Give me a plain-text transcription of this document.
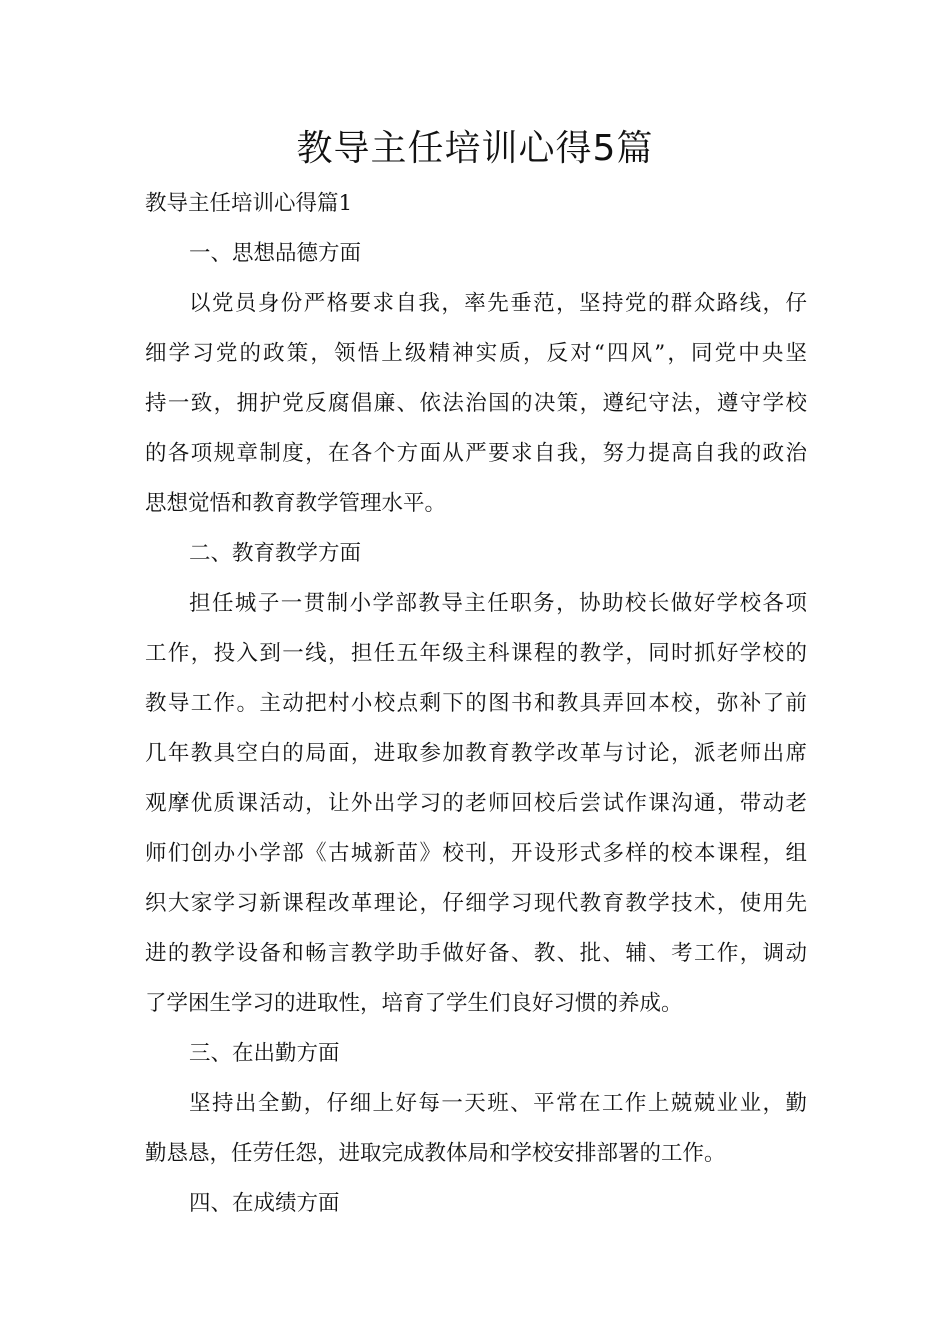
教导主任培训心得5篇
教导主任培训心得篇1
一、思想品德方面
以党员身份严格要求自我，率先垂范，坚持党的群众路线，仔
细学习党的政策，领悟上级精神实质，反对“四风”，同党中央坚
持一致，拥护党反腐倡廉、依法治国的决策，遵纪守法，遵守学校
的各项规章制度，在各个方面从严要求自我，努力提高自我的政治
思想觉悟和教育教学管理水平。
二、教育教学方面
担任城子一贯制小学部教导主任职务，协助校长做好学校各项
工作，投入到一线，担任五年级主科课程的教学，同时抓好学校的
教导工作。主动把村小校点剩下的图书和教具弄回本校，弥补了前
几年教具空白的局面，进取参加教育教学改革与讨论，派老师出席
观摩优质课活动，让外出学习的老师回校后尝试作课沟通，带动老
师们创办小学部《古城新苗》校刊，开设形式多样的校本课程，组
织大家学习新课程改革理论，仔细学习现代教育教学技术，使用先
进的教学设备和畅言教学助手做好备、教、批、辅、考工作，调动
了学困生学习的进取性，培育了学生们良好习惯的养成。
三、在出勤方面
坚持出全勤，仔细上好每一天班、平常在工作上兢兢业业，勤
勤恳恳，任劳任怨，进取完成教体局和学校安排部署的工作。
四、在成绩方面
